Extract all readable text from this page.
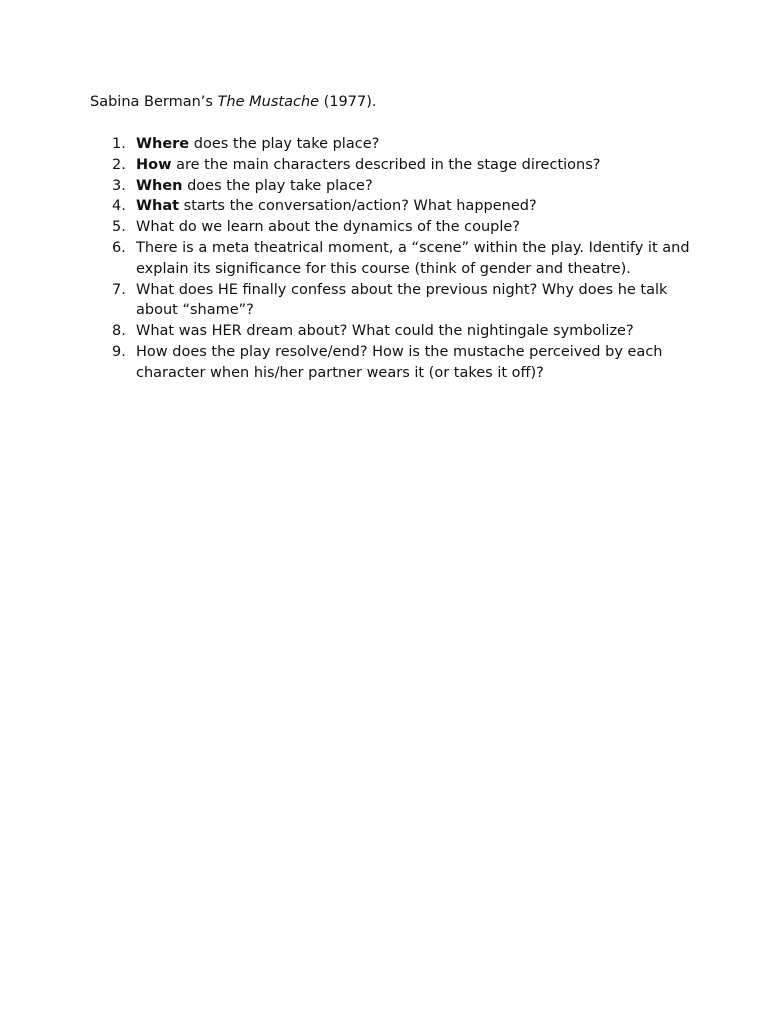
Sabina Berman’s The Mustache (1977).
1. Where does the play take place?
2. How are the main characters described in the stage directions?
3. When does the play take place?
4. What starts the conversation/action? What happened?
5. What do we learn about the dynamics of the couple?
6. There is a meta theatrical moment, a “scene” within the play. Identify it and explain its significance for this course (think of gender and theatre).
7. What does HE finally confess about the previous night? Why does he talk about “shame”?
8. What was HER dream about? What could the nightingale symbolize?
9. How does the play resolve/end? How is the mustache perceived by each character when his/her partner wears it (or takes it off)?
